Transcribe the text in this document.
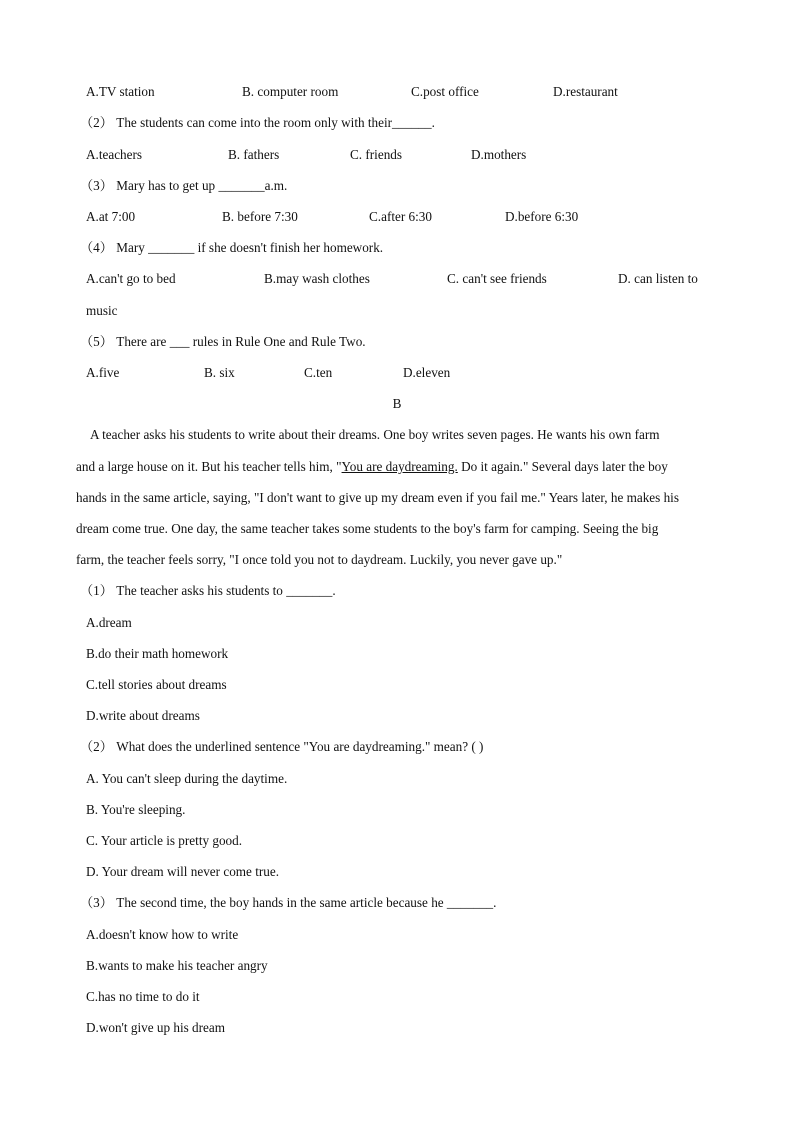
A.TV station	B. computer room	C.post office	D.restaurant
（2） The students can come into the room only with their______.
A.teachers	B. fathers	C. friends	D.mothers
（3） Mary has to get up _______a.m.
A.at 7:00	B. before 7:30	C.after 6:30	D.before 6:30
（4） Mary _______ if she doesn't finish her homework.
A.can't go to bed	B.may wash clothes	C. can't see friends	D. can listen to
music
（5） There are ___ rules in Rule One and Rule Two.
A.five	B. six	C.ten	D.eleven
B
A teacher asks his students to write about their dreams. One boy writes seven pages. He wants his own farm
and a large house on it. But his teacher tells him, "You are daydreaming. Do it again." Several days later the boy
hands in the same article, saying, "I don't want to give up my dream even if you fail me." Years later, he makes his
dream come true. One day, the same teacher takes some students to the boy's farm for camping. Seeing the big
farm, the teacher feels sorry, "I once told you not to daydream. Luckily, you never gave up."
（1） The teacher asks his students to _______.
A.dream
B.do their math homework
C.tell stories about dreams
D.write about dreams
（2） What does the underlined sentence "You are daydreaming." mean? ( )
A. You can't sleep during the daytime.
B. You're sleeping.
C. Your article is pretty good.
D. Your dream will never come true.
（3） The second time, the boy hands in the same article because he _______.
A.doesn't know how to write
B.wants to make his teacher angry
C.has no time to do it
D.won't give up his dream
